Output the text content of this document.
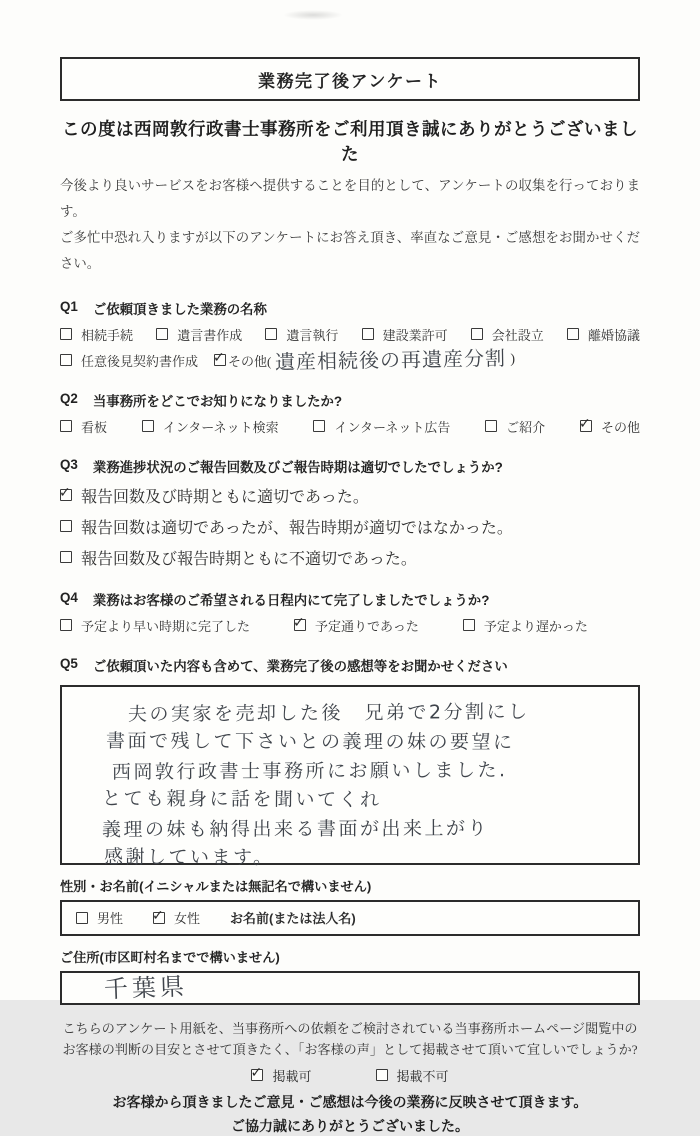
業務完了後アンケート
この度は西岡敦行政書士事務所をご利用頂き誠にありがとうございました
今後より良いサービスをお客様へ提供することを目的として、アンケートの収集を行っております。
ご多忙中恐れ入りますが以下のアンケートにお答え頂き、率直なご意見・ご感想をお聞かせください。
Q1 ご依頼頂きました業務の名称
相続手続	遺言書作成	遺言執行	建設業許可	会社設立	離婚協議
任意後見契約書作成 ✓ その他( 遺産相続後の再遺産分割 )
Q2 当事務所をどこでお知りになりましたか?
看板	インターネット検索	インターネット広告	ご紹介 ✓	その他
Q3 業務進捗状況のご報告回数及びご報告時期は適切でしたでしょうか?
✓
報告回数及び時期ともに適切であった。
報告回数は適切であったが、報告時期が適切ではなかった。
報告回数及び報告時期ともに不適切であった。
Q4 業務はお客様のご希望される日程内にて完了しましたでしょうか?
予定より早い時期に完了した ✓	予定通りであった	予定より遅かった
Q5 ご依頼頂いた内容も含めて、業務完了後の感想等をお聞かせください
夫の実家を売却した後　兄弟で2分割にし
書面で残して下さいとの義理の妹の要望に
西岡敦行政書士事務所にお願いしました.
とても親身に話を聞いてくれ
義理の妹も納得出来る書面が出来上がり
感謝しています。
性別・お名前(イニシャルまたは無記名で構いません)
男性 ✓	女性 お名前(または法人名)
ご住所(市区町村名までで構いません)
千葉県
こちらのアンケート用紙を、当事務所への依頼をご検討されている当事務所ホームページ閲覧中の
お客様の判断の目安とさせて頂きたく、「お客様の声」として掲載させて頂いて宜しいでしょうか?
✓
掲載可	掲載不可
お客様から頂きましたご意見・ご感想は今後の業務に反映させて頂きます。
ご協力誠にありがとうございました。
